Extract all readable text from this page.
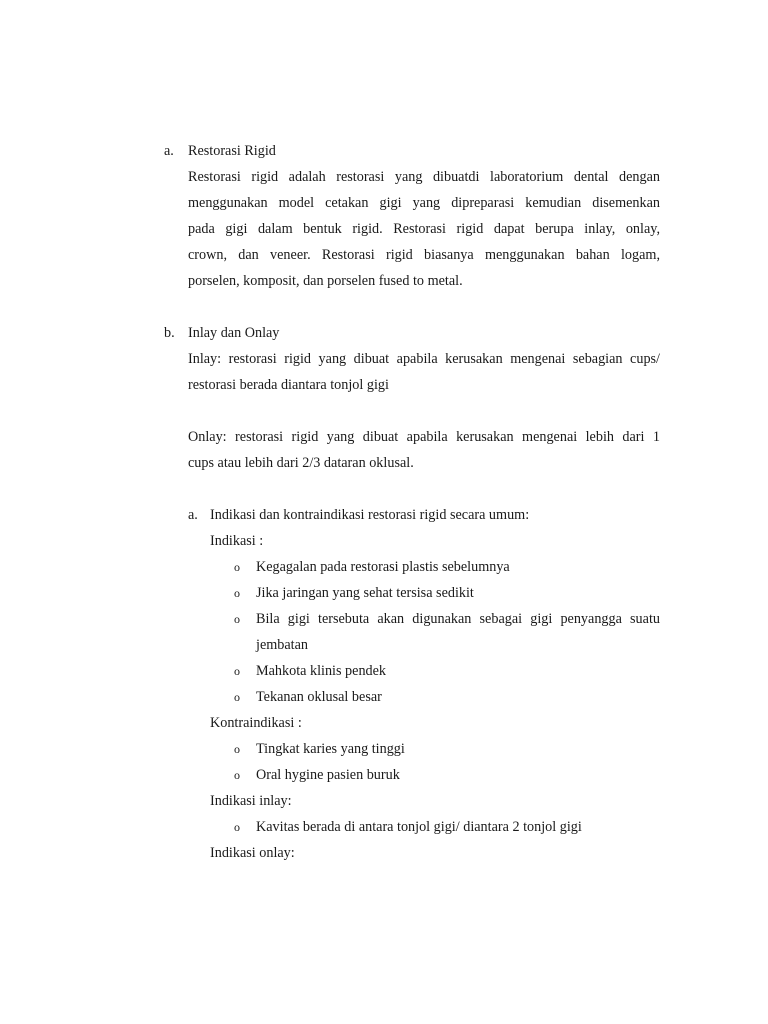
a. Restorasi Rigid
Restorasi rigid adalah restorasi yang dibuatdi laboratorium dental dengan
menggunakan model cetakan gigi yang dipreparasi kemudian disemenkan
pada gigi dalam bentuk rigid. Restorasi rigid dapat berupa inlay, onlay,
crown, dan veneer. Restorasi rigid biasanya menggunakan bahan logam,
porselen, komposit, dan porselen fused to metal.
b. Inlay dan Onlay
Inlay: restorasi rigid yang dibuat apabila kerusakan mengenai sebagian cups/
restorasi berada diantara tonjol gigi
Onlay: restorasi rigid yang dibuat apabila kerusakan mengenai lebih dari 1
cups atau lebih dari 2/3 dataran oklusal.
a. Indikasi dan kontraindikasi restorasi rigid secara umum:
Indikasi :
o Kegagalan pada restorasi plastis sebelumnya
o Jika jaringan yang sehat tersisa sedikit
o Bila gigi tersebuta akan digunakan sebagai gigi penyangga suatu
jembatan
o Mahkota klinis pendek
o Tekanan oklusal besar
Kontraindikasi :
o Tingkat karies yang tinggi
o Oral hygine pasien buruk
Indikasi inlay:
o Kavitas berada di antara tonjol gigi/ diantara 2 tonjol gigi
Indikasi onlay:
